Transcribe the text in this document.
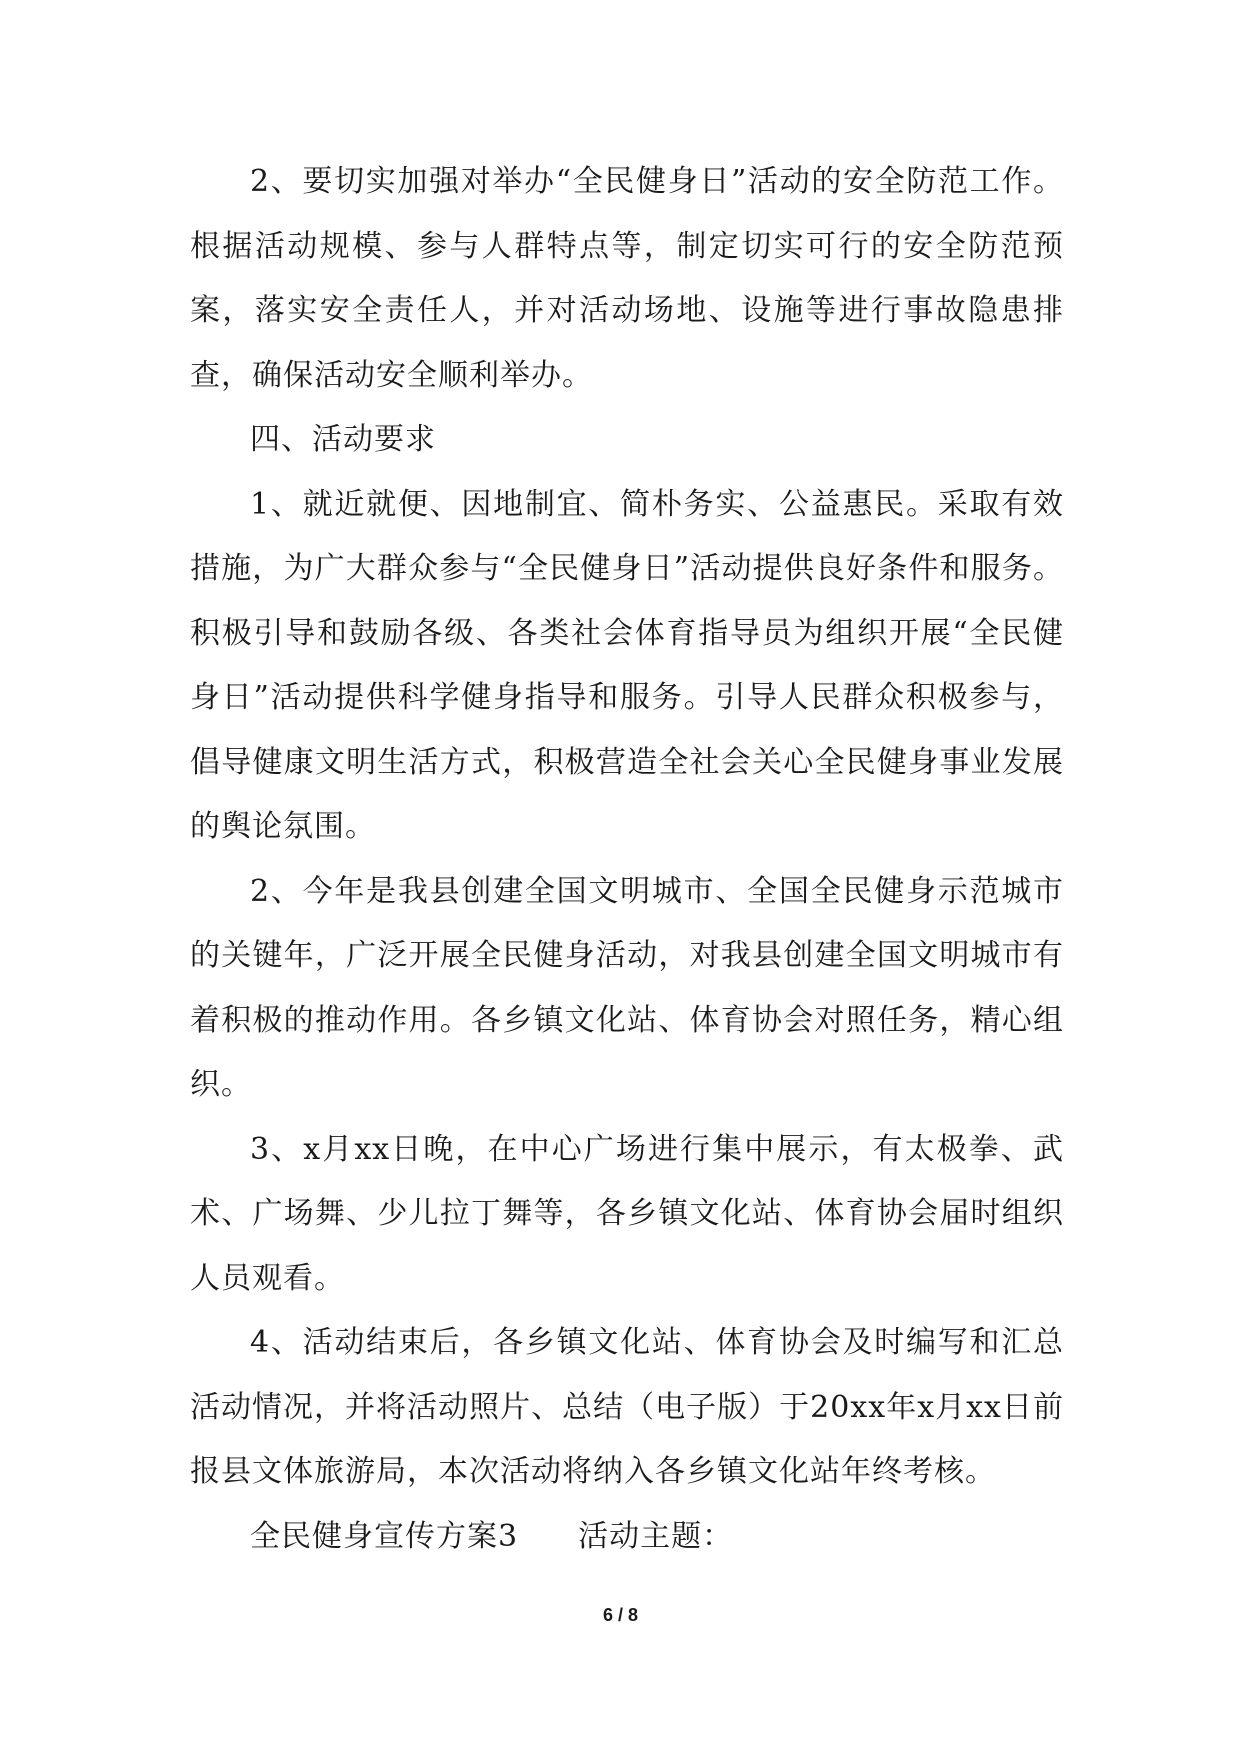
2、要切实加强对举办“全民健身日”活动的安全防范工作。根据活动规模、参与人群特点等，制定切实可行的安全防范预案，落实安全责任人，并对活动场地、设施等进行事故隐患排查，确保活动安全顺利举办。

四、活动要求

1、就近就便、因地制宜、简朴务实、公益惠民。采取有效措施，为广大群众参与“全民健身日”活动提供良好条件和服务。积极引导和鼓励各级、各类社会体育指导员为组织开展“全民健身日”活动提供科学健身指导和服务。引导人民群众积极参与，倡导健康文明生活方式，积极营造全社会关心全民健身事业发展的舆论氛围。

2、今年是我县创建全国文明城市、全国全民健身示范城市的关键年，广泛开展全民健身活动，对我县创建全国文明城市有着积极的推动作用。各乡镇文化站、体育协会对照任务，精心组织。

3、x月xx日晚，在中心广场进行集中展示，有太极拳、武术、广场舞、少儿拉丁舞等，各乡镇文化站、体育协会届时组织人员观看。

4、活动结束后，各乡镇文化站、体育协会及时编写和汇总活动情况，并将活动照片、总结（电子版）于20xx年x月xx日前报县文体旅游局，本次活动将纳入各乡镇文化站年终考核。

全民健身宣传方案3 活动主题：

6 / 8
